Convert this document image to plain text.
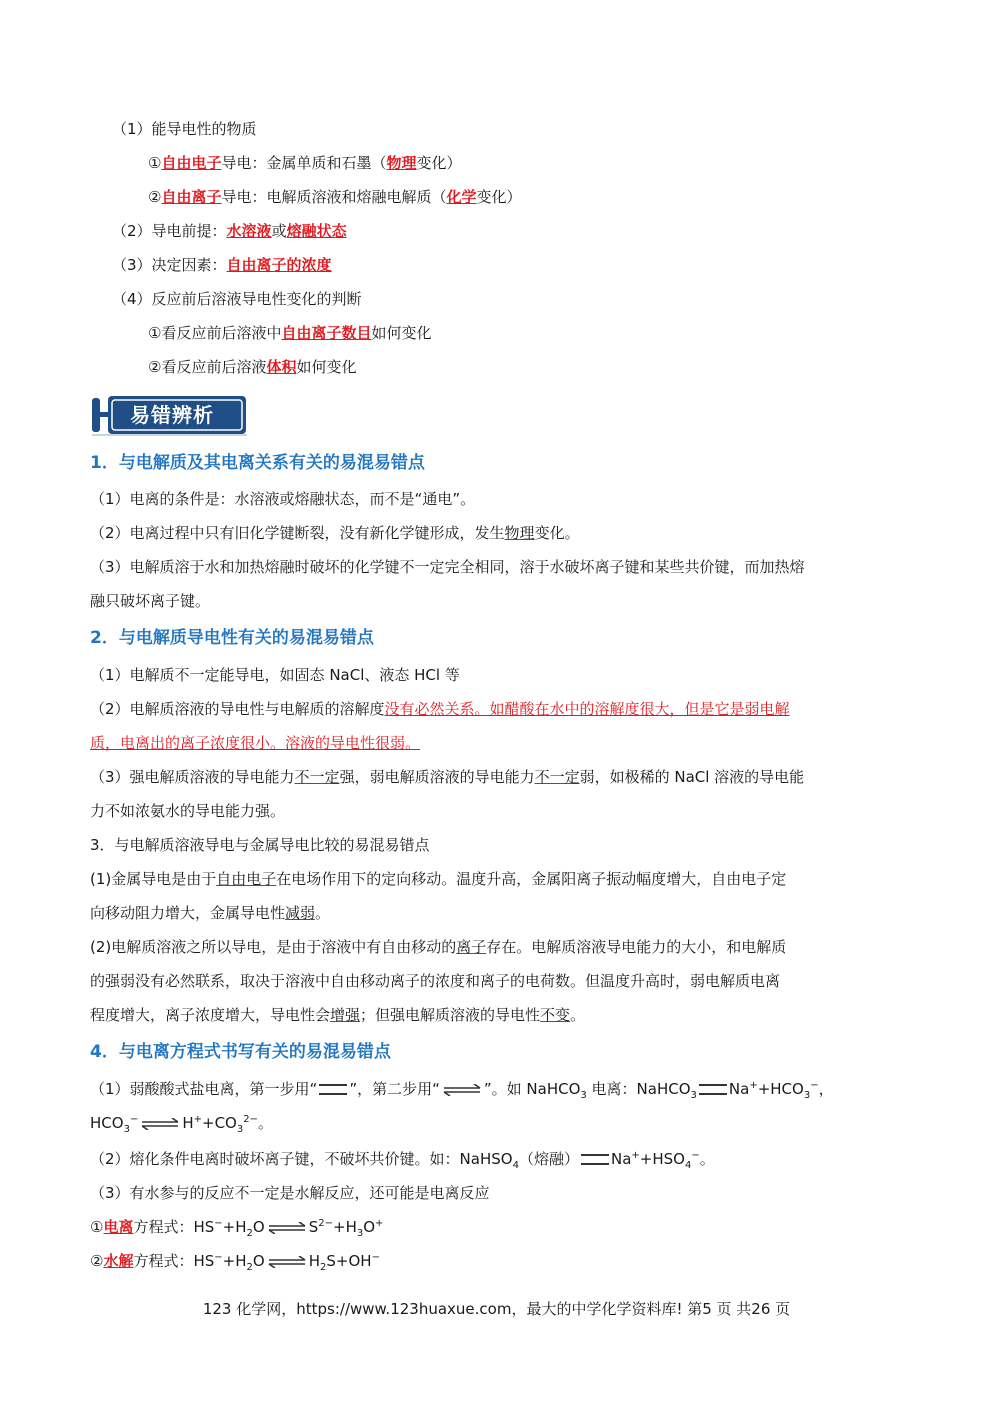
（1）能导电性的物质
①自由电子导电：金属单质和石墨（物理变化）
②自由离子导电：电解质溶液和熔融电解质（化学变化）
（2）导电前提：水溶液或熔融状态
（3）决定因素：自由离子的浓度
（4）反应前后溶液导电性变化的判断
①看反应前后溶液中自由离子数目如何变化
②看反应前后溶液体积如何变化
易错辨析
1．与电解质及其电离关系有关的易混易错点
（1）电离的条件是：水溶液或熔融状态，而不是“通电”。
（2）电离过程中只有旧化学键断裂，没有新化学键形成，发生物理变化。
（3）电解质溶于水和加热熔融时破坏的化学键不一定完全相同，溶于水破坏离子键和某些共价键，而加热熔
融只破坏离子键。
2．与电解质导电性有关的易混易错点
（1）电解质不一定能导电，如固态 NaCl、液态 HCl 等
（2）电解质溶液的导电性与电解质的溶解度没有必然关系。如醋酸在水中的溶解度很大，但是它是弱电解
质，电离出的离子浓度很小。溶液的导电性很弱。
（3）强电解质溶液的导电能力不一定强，弱电解质溶液的导电能力不一定弱，如极稀的 NaCl 溶液的导电能
力不如浓氨水的导电能力强。
3．与电解质溶液导电与金属导电比较的易混易错点
(1)金属导电是由于自由电子在电场作用下的定向移动。温度升高，金属阳离子振动幅度增大，自由电子定
向移动阻力增大，金属导电性减弱。
(2)电解质溶液之所以导电，是由于溶液中有自由移动的离子存在。电解质溶液导电能力的大小，和电解质
的强弱没有必然联系，取决于溶液中自由移动离子的浓度和离子的电荷数。但温度升高时，弱电解质电离
程度增大，离子浓度增大，导电性会增强；但强电解质溶液的导电性不变。
4．与电离方程式书写有关的易混易错点
（1）弱酸酸式盐电离，第一步用“ ”，第二步用“ ⇌ ”。如 NaHCO$_3$ 电离：NaHCO$_3$ $Na^++HCO_3^-$，
$HCO_3^-$ ⇌ $H^++CO_3^{2-}$。
（2）熔化条件电离时破坏离子键，不破坏共价键。如：NaHSO$_4$（熔融） $Na^++HSO_4^-$。
（3）有水参与的反应不一定是水解反应，还可能是电离反应
①电离方程式：$HS^-+H_2O$ ⇌ $S^{2-}+H_3O^+$
②水解方程式：$HS^-+H_2O$ ⇌ $H_2S+OH^-$
123 化学网，https://www.123huaxue.com，最大的中学化学资料库! 第5 页 共26 页
